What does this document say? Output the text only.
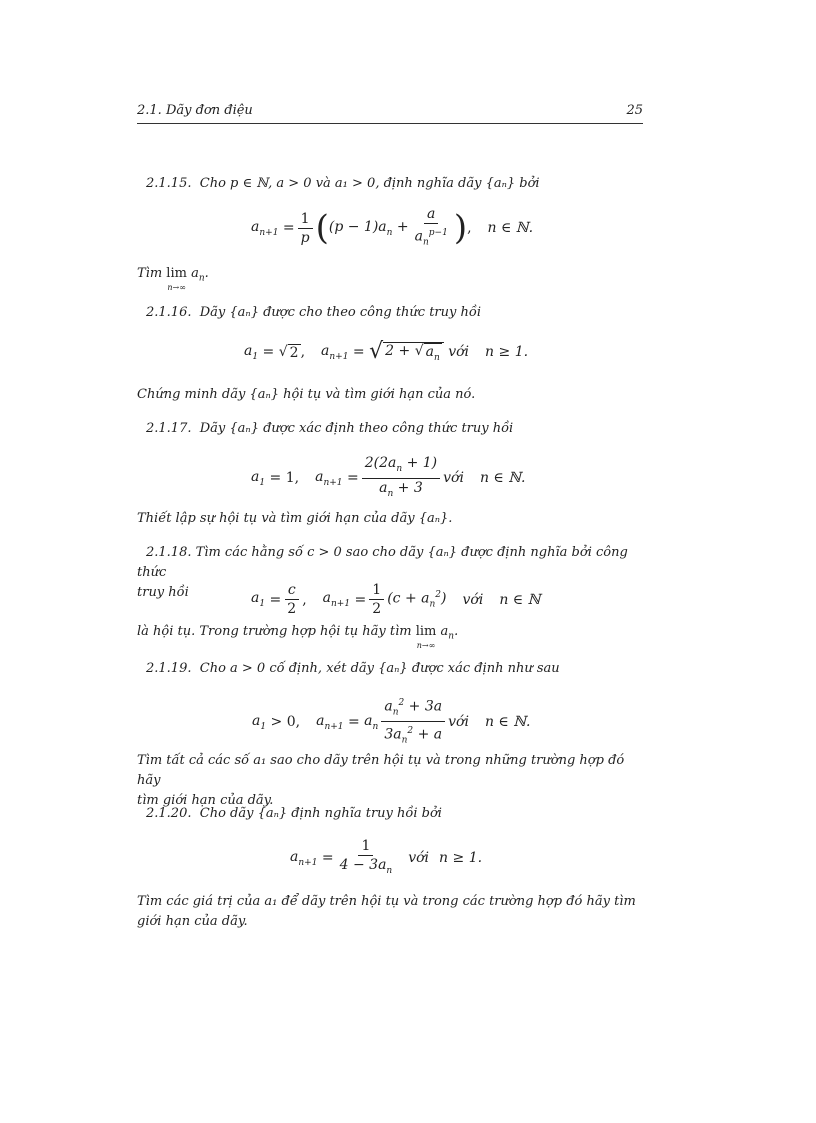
2.1. Dãy đơn điệu	25
2.1.15. Cho p ∈ ℕ, a > 0 và a₁ > 0, định nghĩa dãy {aₙ} bởi
$a_{n+1}$
= $\frac{1}{p}$ ( $(p - 1)a_n + \frac{a}{a_n^{p-1}}$ ) , n ∈ ℕ.
Tìm lim
n→∞
$a_n$.
2.1.16. Dãy {aₙ} được cho theo công thức truy hồi
$a_1$
=
√ 2 , $a_{n+1}$
=
√ 2 + √ $a_n$
với n ≥ 1.
Chứng minh dãy {aₙ} hội tụ và tìm giới hạn của nó.
2.1.17. Dãy {aₙ} được xác định theo công thức truy hồi
$a_1$
= 1, $a_{n+1}$
= $\frac{2(2a_n + 1)}{a_n + 3}$ với n ∈ ℕ.
Thiết lập sự hội tụ và tìm giới hạn của dãy {aₙ}.
2.1.18. Tìm các hằng số c > 0 sao cho dãy {aₙ} được định nghĩa bởi công thức
truy hồi	$a_1$
= $\frac{c}{2}$ , $a_{n+1}$
= $\frac{1}{2} (c + a_n^2)$ với n ∈ ℕ
là hội tụ. Trong trường hợp hội tụ hãy tìm lim
n→∞
$a_n$.
2.1.19. Cho a > 0 cố định, xét dãy {aₙ} được xác định như sau
$a_1$
> 0, $a_{n+1}$
=
$a_n \frac{a_n^2 + 3a}{3a_n^2 + a}$ với n ∈ ℕ.
Tìm tất cả các số a₁ sao cho dãy trên hội tụ và trong những trường hợp đó hãy
tìm giới hạn của dãy.
2.1.20. Cho dãy {aₙ} định nghĩa truy hồi bởi
$a_{n+1}$
= $\frac{1}{4 - 3a_n}$ với n ≥ 1.
Tìm các giá trị của a₁ để dãy trên hội tụ và trong các trường hợp đó hãy tìm
giới hạn của dãy.
